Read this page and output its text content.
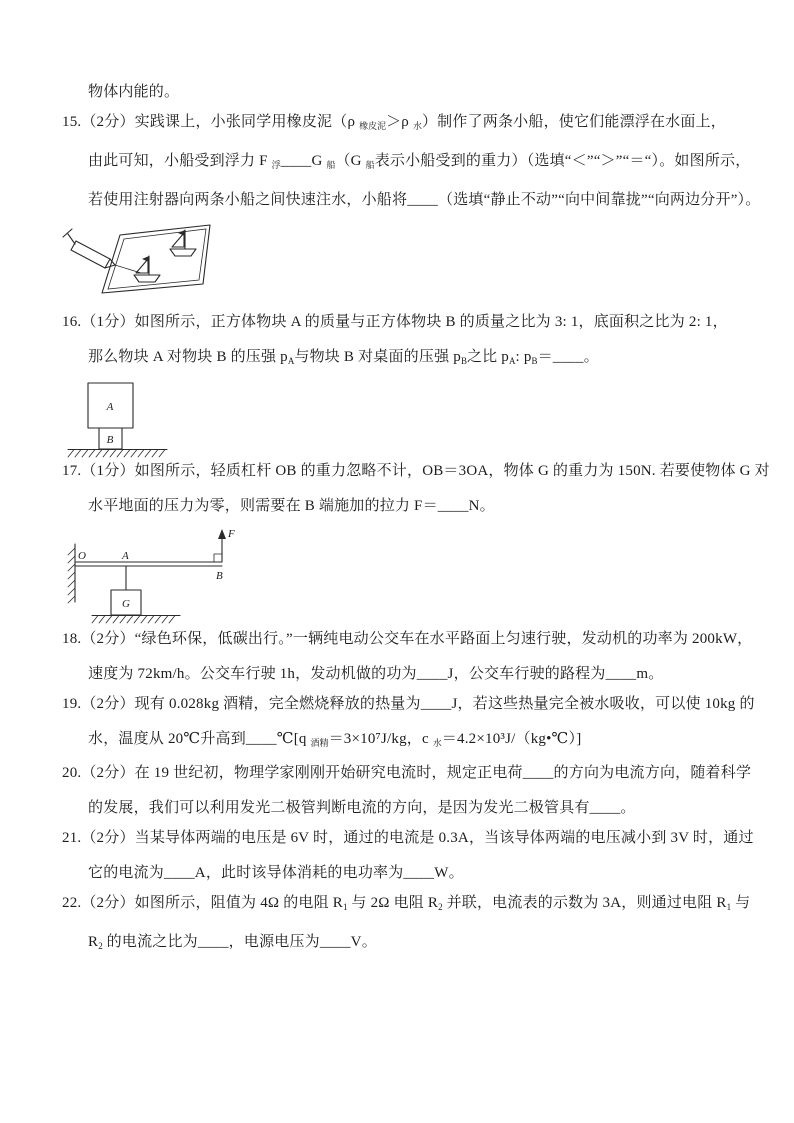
物体内能的。
15.（2分）实践课上，小张同学用橡皮泥（ρ $_{橡皮泥}$＞ρ $_水$）制作了两条小船，使它们能漂浮在水面上，
由此可知，小船受到浮力 F $_浮$____G $_船$（G $_船$表示小船受到的重力）（选填“＜”“＞”“＝“）。如图所示，
若使用注射器向两条小船之间快速注水，小船将____（选填“静止不动”“向中间靠拢”“向两边分开”）。
16.（1分）如图所示，正方体物块 A 的质量与正方体物块 B 的质量之比为 3: 1，底面积之比为 2: 1，
那么物块 A 对物块 B 的压强 $p_A$与物块 B 对桌面的压强 $p_B$之比 $p_A$: $p_B=\_\_\_\_$。
A
B
17.（1分）如图所示，轻质杠杆 OB 的重力忽略不计，OB＝3OA，物体 G 的重力为 150N. 若要使物体 G 对
水平地面的压力为零，则需要在 B 端施加的拉力 F＝____N。
O	A
F
B
G
18.（2分）“绿色环保，低碳出行。”一辆纯电动公交车在水平路面上匀速行驶，发动机的功率为 200kW，
速度为 72km/h。公交车行驶 1h，发动机做的功为____J，公交车行驶的路程为____m。
19.（2分）现有 0.028kg 酒精，完全燃烧释放的热量为____J，若这些热量完全被水吸收，可以使 10kg 的
水，温度从 20℃升高到____℃[q $_{酒精}$＝3×10⁷J/kg，c $_水$＝4.2×10³J/（kg•℃）]
20.（2分）在 19 世纪初，物理学家刚刚开始研究电流时，规定正电荷____的方向为电流方向，随着科学
的发展，我们可以利用发光二极管判断电流的方向，是因为发光二极管具有____。
21.（2分）当某导体两端的电压是 6V 时，通过的电流是 0.3A，当该导体两端的电压减小到 3V 时，通过
它的电流为____A，此时该导体消耗的电功率为____W。
22.（2分）如图所示，阻值为 4Ω 的电阻 $R_1$ 与 2Ω 电阻 $R_2$ 并联，电流表的示数为 3A，则通过电阻 $R_1$ 与
$R_2$ 的电流之比为____，电源电压为____V。
